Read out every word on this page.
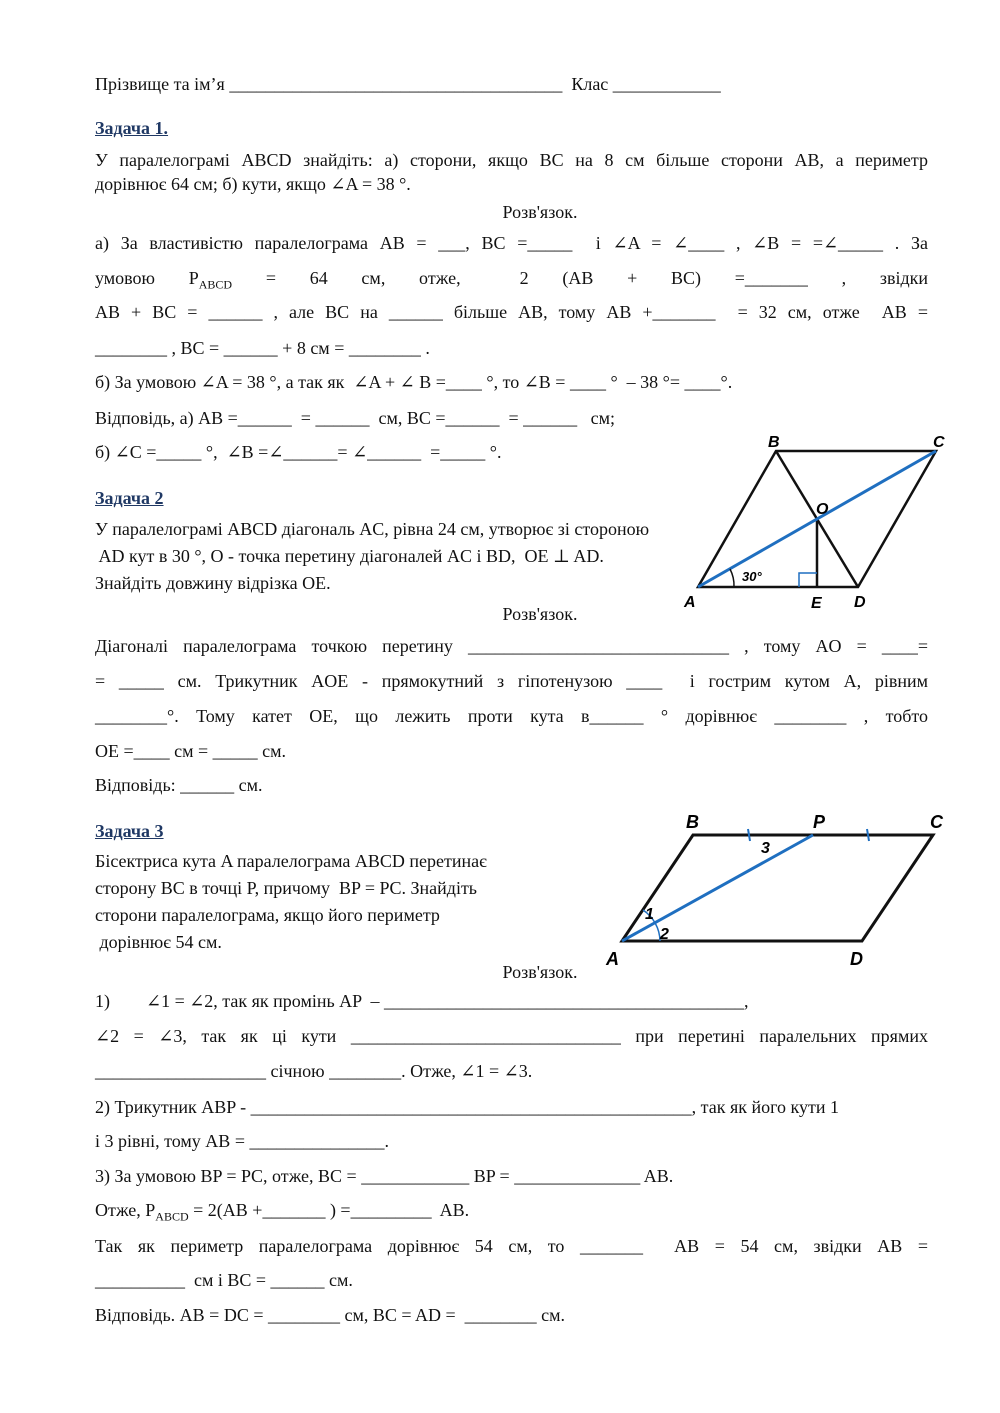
Прізвище та ім’я _____________________________________  Клас ____________
Задача 1.
У паралелограмі ABCD знайдіть: а) сторони, якщо BC на 8 см більше сторони AB, а периметр
дорівнює 64 см; б) кути, якщо ∠A = 38 °.
Розв'язок.
а) За властивістю паралелограма AB = ___, BC =_____  і ∠A = ∠____ , ∠B = =∠_____ . За
умовою    $P_{ABCD}$    =    64    см,    отже,       2    (AB    +    BC)    =_______    ,    звідки
AB + BC = ______ , але BC на ______ більше AB, тому AB +_______  = 32 см, отже  AB =
________ , BC = ______ + 8 см = ________ .
б) За умовою ∠A = 38 °, а так як  ∠A + ∠ B =____ °, то ∠B = ____ °  – 38 °= ____°.
Відповідь, а) AB =______  = ______  см, BC =______  = ______   см;
б) ∠C =_____ °,  ∠B =∠______= ∠______  =_____ °.	B	C
O
A	E D
30°
Задача 2
У паралелограмі ABCD діагональ AC, рівна 24 см, утворює зі стороною
AD кут в 30 °, O - точка перетину діагоналей AC і BD,  OE ⊥ AD.
Знайдіть довжину відрізка OE.
Розв'язок.
Діагоналі паралелограма точкою перетину _____________________________ , тому AO = ____=
= _____ см. Трикутник AOE - прямокутний з гіпотенузою ____  і гострим кутом A, рівним
________°. Тому катет OE, що лежить проти кута в______ ° дорівнює ________ , тобто
OE =____ см = _____ см.
Відповідь: ______ см.
B	P	C
A	D
1
2
3
Задача 3
Бісектриса кута A паралелограма ABCD перетинає
сторону BC в точці P, причому  BP = PC. Знайдіть
сторони паралелограма, якщо його периметр
дорівнює 54 см.
Розв'язок.
1)        ∠1 = ∠2, так як промінь AP  – ________________________________________,
∠2 = ∠3, так як ці кути ______________________________ при перетині паралельних прямих
___________________ січною ________. Отже, ∠1 = ∠3.
2) Трикутник ABP - _________________________________________________, так як його кути 1
і 3 рівні, тому AB = _______________.
3) За умовою BP = PC, отже, BC = ____________ BP = ______________ AB.
Отже, $P_{ABCD} = 2(AB$ +_______ ) =_________  AB.
Так  як  периметр  паралелограма  дорівнює  54  см,  то  _______    AB  =  54  см,  звідки  AB  =
__________  см і BC = ______ см.
Відповідь. AB = DC = ________ см, BC = AD =  ________ см.
